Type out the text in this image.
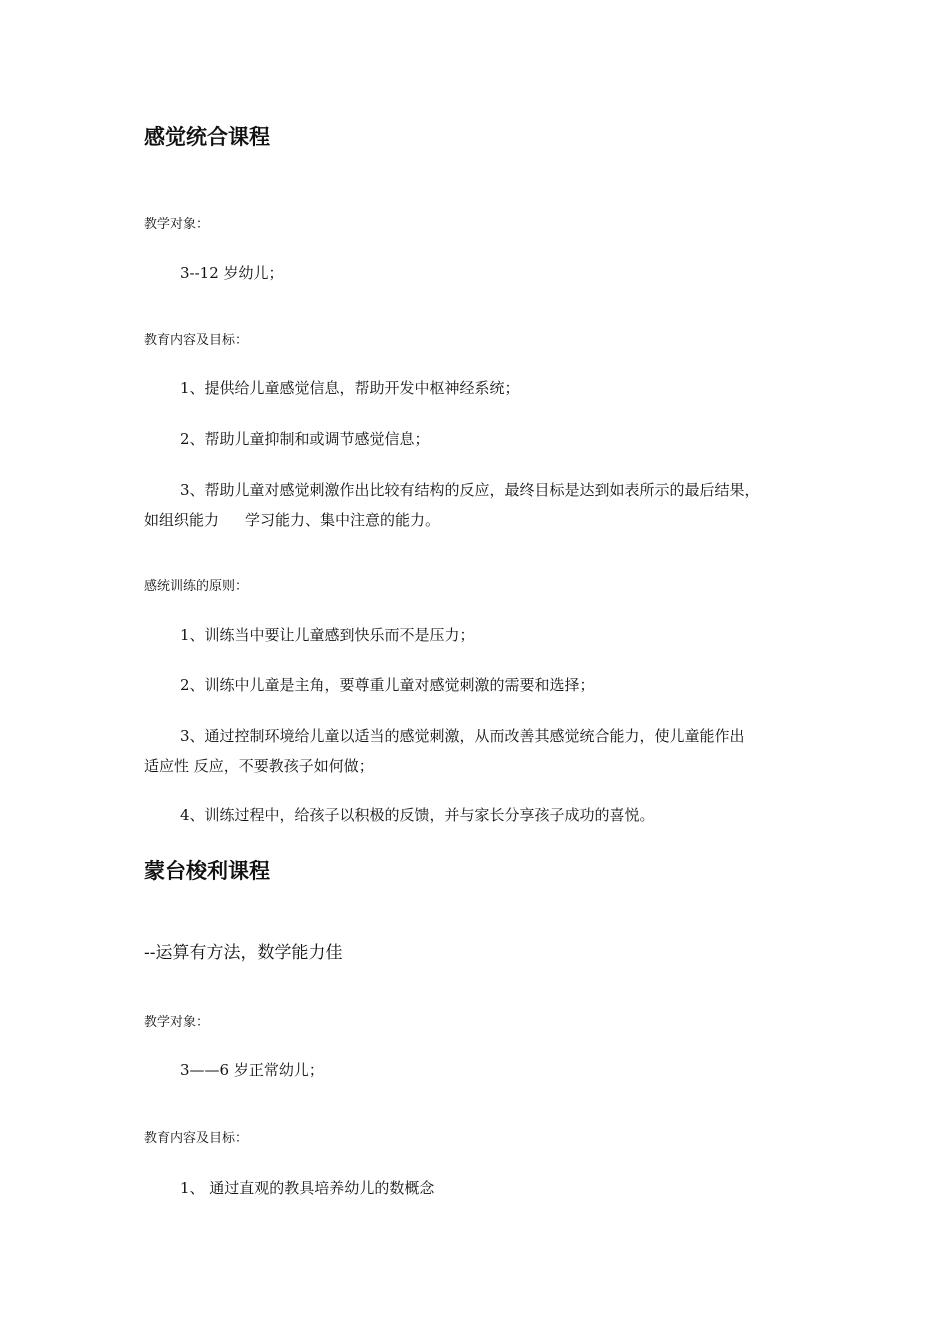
感觉统合课程

教学对象：

3--12 岁幼儿；

教育内容及目标：

1、提供给儿童感觉信息，帮助开发中枢神经系统；

2、帮助儿童抑制和或调节感觉信息；

3、帮助儿童对感觉刺激作出比较有结构的反应，最终目标是达到如表所示的最后结果，

如组织能力 学习能力、集中注意的能力。

感统训练的原则：

1、训练当中要让儿童感到快乐而不是压力；

2、训练中儿童是主角，要尊重儿童对感觉刺激的需要和选择；

3、通过控制环境给儿童以适当的感觉刺激，从而改善其感觉统合能力，使儿童能作出

适应性 反应，不要教孩子如何做；

4、训练过程中，给孩子以积极的反馈，并与家长分享孩子成功的喜悦。

蒙台梭利课程

--运算有方法，数学能力佳

教学对象：

3——6 岁正常幼儿；

教育内容及目标：

1、 通过直观的教具培养幼儿的数概念
